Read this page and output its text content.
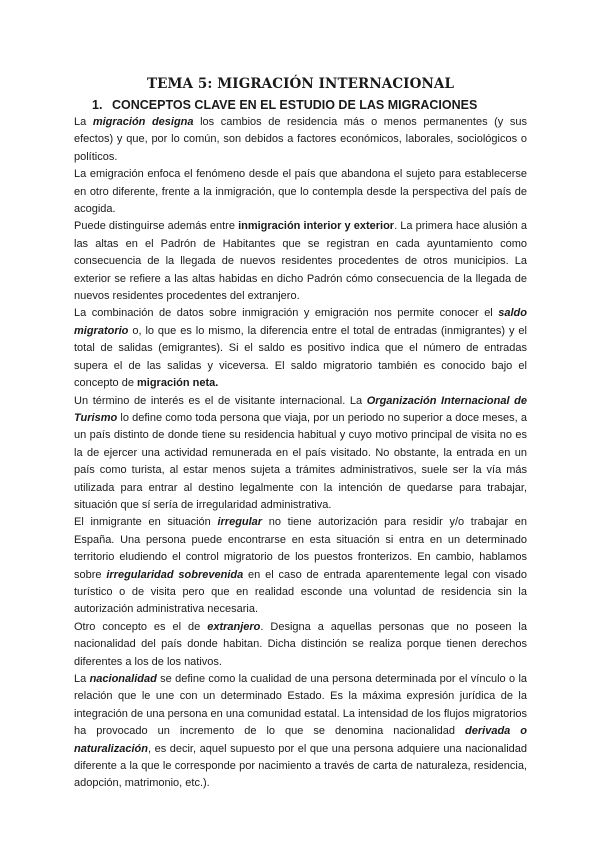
TEMA 5: MIGRACIÓN INTERNACIONAL
1. CONCEPTOS CLAVE EN EL ESTUDIO DE LAS MIGRACIONES

La migración designa los cambios de residencia más o menos permanentes (y sus efectos) y que, por lo común, son debidos a factores económicos, laborales, sociológicos o políticos.

La emigración enfoca el fenómeno desde el país que abandona el sujeto para establecerse en otro diferente, frente a la inmigración, que lo contempla desde la perspectiva del país de acogida.

Puede distinguirse además entre inmigración interior y exterior. La primera hace alusión a las altas en el Padrón de Habitantes que se registran en cada ayuntamiento como consecuencia de la llegada de nuevos residentes procedentes de otros municipios. La exterior se refiere a las altas habidas en dicho Padrón cómo consecuencia de la llegada de nuevos residentes procedentes del extranjero.

La combinación de datos sobre inmigración y emigración nos permite conocer el saldo migratorio o, lo que es lo mismo, la diferencia entre el total de entradas (inmigrantes) y el total de salidas (emigrantes). Si el saldo es positivo indica que el número de entradas supera el de las salidas y viceversa. El saldo migratorio también es conocido bajo el concepto de migración neta.

Un término de interés es el de visitante internacional. La Organización Internacional de Turismo lo define como toda persona que viaja, por un periodo no superior a doce meses, a un país distinto de donde tiene su residencia habitual y cuyo motivo principal de visita no es la de ejercer una actividad remunerada en el país visitado. No obstante, la entrada en un país como turista, al estar menos sujeta a trámites administrativos, suele ser la vía más utilizada para entrar al destino legalmente con la intención de quedarse para trabajar, situación que sí sería de irregularidad administrativa.

El inmigrante en situación irregular no tiene autorización para residir y/o trabajar en España. Una persona puede encontrarse en esta situación si entra en un determinado territorio eludiendo el control migratorio de los puestos fronterizos. En cambio, hablamos sobre irregularidad sobrevenida en el caso de entrada aparentemente legal con visado turístico o de visita pero que en realidad esconde una voluntad de residencia sin la autorización administrativa necesaria.

Otro concepto es el de extranjero. Designa a aquellas personas que no poseen la nacionalidad del país donde habitan. Dicha distinción se realiza porque tienen derechos diferentes a los de los nativos.

La nacionalidad se define como la cualidad de una persona determinada por el vínculo o la relación que le une con un determinado Estado. Es la máxima expresión jurídica de la integración de una persona en una comunidad estatal. La intensidad de los flujos migratorios ha provocado un incremento de lo que se denomina nacionalidad derivada o naturalización, es decir, aquel supuesto por el que una persona adquiere una nacionalidad diferente a la que le corresponde por nacimiento a través de carta de naturaleza, residencia, adopción, matrimonio, etc.).
